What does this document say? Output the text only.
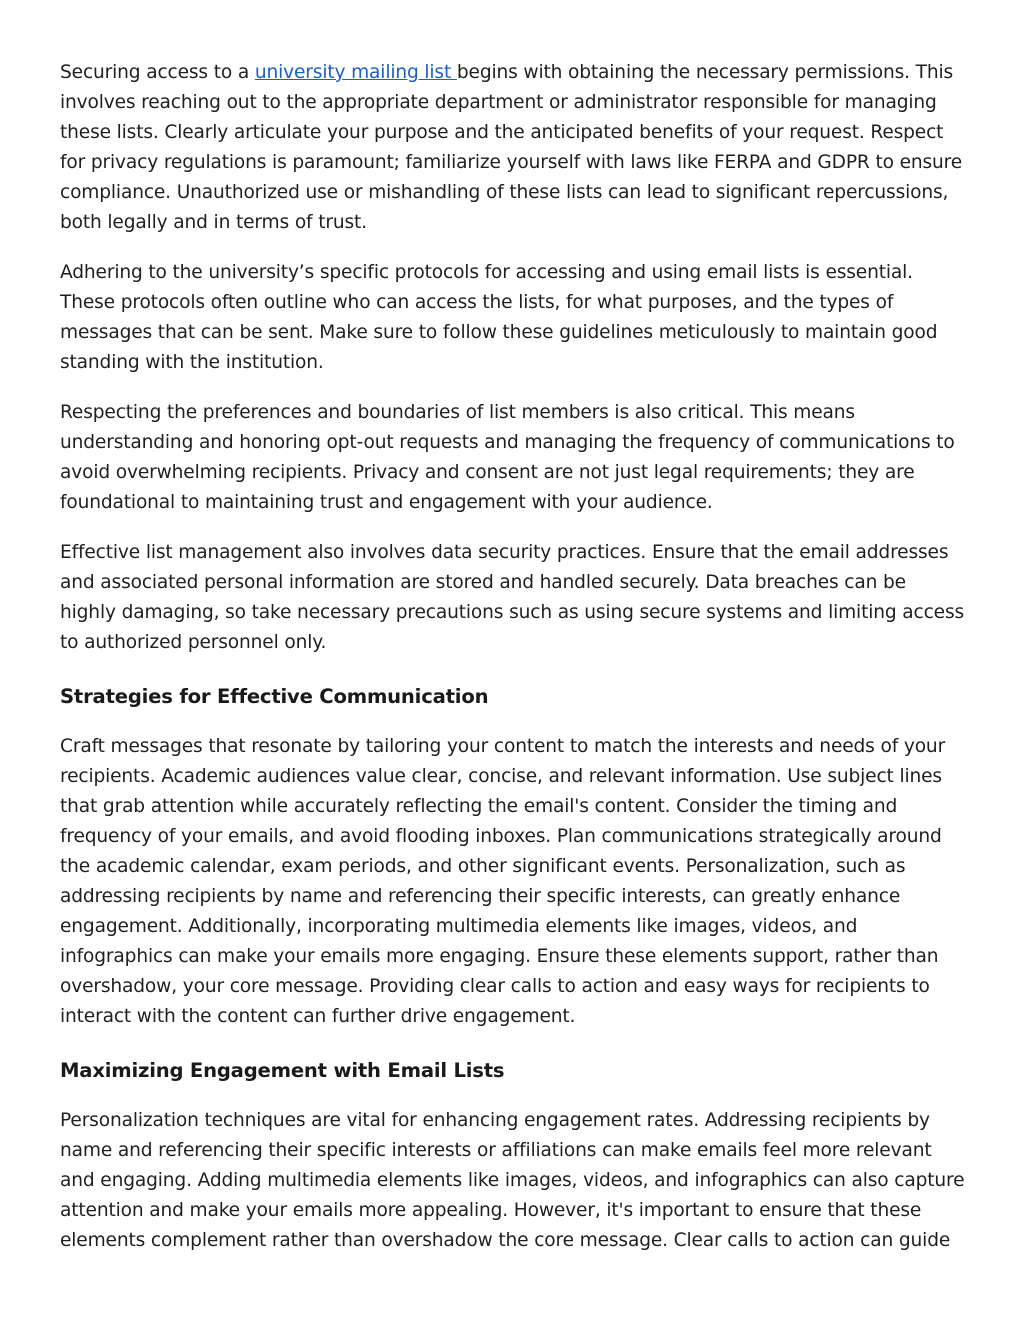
Securing access to a university mailing list begins with obtaining the necessary permissions. This involves reaching out to the appropriate department or administrator responsible for managing these lists. Clearly articulate your purpose and the anticipated benefits of your request. Respect for privacy regulations is paramount; familiarize yourself with laws like FERPA and GDPR to ensure compliance. Unauthorized use or mishandling of these lists can lead to significant repercussions, both legally and in terms of trust.

Adhering to the university’s specific protocols for accessing and using email lists is essential. These protocols often outline who can access the lists, for what purposes, and the types of messages that can be sent. Make sure to follow these guidelines meticulously to maintain good standing with the institution.

Respecting the preferences and boundaries of list members is also critical. This means understanding and honoring opt-out requests and managing the frequency of communications to avoid overwhelming recipients. Privacy and consent are not just legal requirements; they are foundational to maintaining trust and engagement with your audience.

Effective list management also involves data security practices. Ensure that the email addresses and associated personal information are stored and handled securely. Data breaches can be highly damaging, so take necessary precautions such as using secure systems and limiting access to authorized personnel only.

Strategies for Effective Communication

Craft messages that resonate by tailoring your content to match the interests and needs of your recipients. Academic audiences value clear, concise, and relevant information. Use subject lines that grab attention while accurately reflecting the email's content. Consider the timing and frequency of your emails, and avoid flooding inboxes. Plan communications strategically around the academic calendar, exam periods, and other significant events. Personalization, such as addressing recipients by name and referencing their specific interests, can greatly enhance engagement. Additionally, incorporating multimedia elements like images, videos, and infographics can make your emails more engaging. Ensure these elements support, rather than overshadow, your core message. Providing clear calls to action and easy ways for recipients to interact with the content can further drive engagement.

Maximizing Engagement with Email Lists

Personalization techniques are vital for enhancing engagement rates. Addressing recipients by name and referencing their specific interests or affiliations can make emails feel more relevant and engaging. Adding multimedia elements like images, videos, and infographics can also capture attention and make your emails more appealing. However, it's important to ensure that these elements complement rather than overshadow the core message. Clear calls to action can guide
